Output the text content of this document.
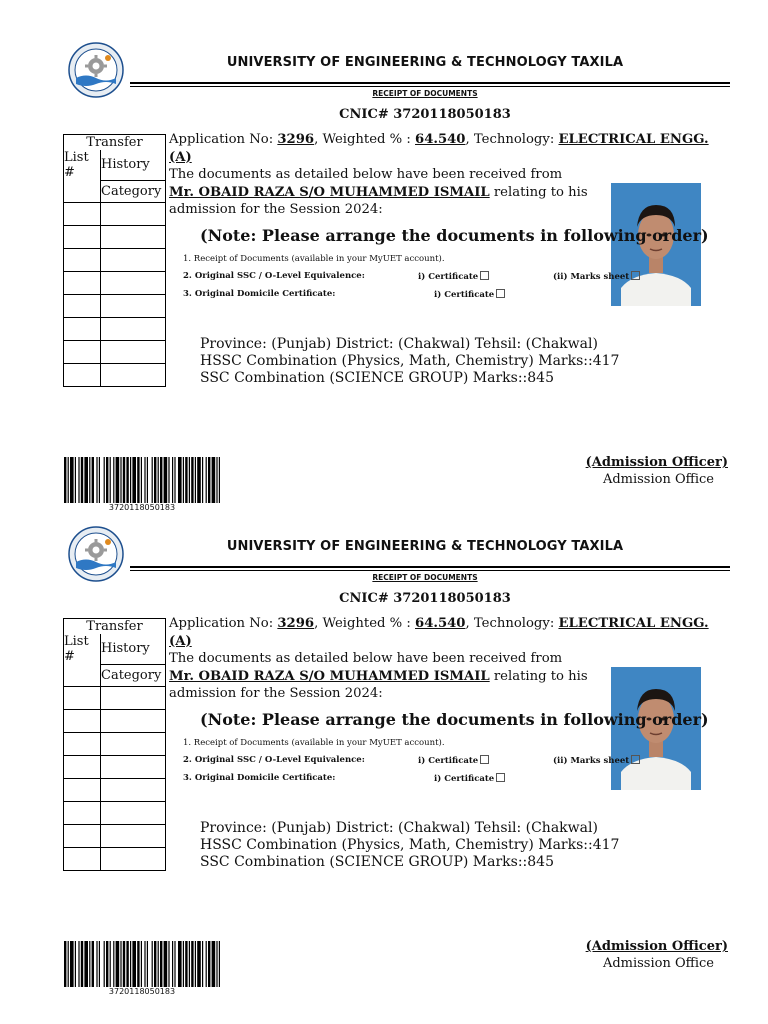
UNIVERSITY OF ENGINEERING & TECHNOLOGY TAXILA
RECEIPT OF DOCUMENTS
CNIC# 3720118050183
Transfer	
List #	History
	Category

Application No: 3296, Weighted % : 64.540, Technology: ELECTRICAL ENGG. (A)
The documents as detailed below have been received from
Mr. OBAID RAZA S/O MUHAMMED ISMAIL relating to his
admission for the Session 2024:
(Note: Please arrange the documents in following order)
1. Receipt of Documents (available in your MyUET account).
2. Original SSC / O-Level Equivalence:	i) Certificate	(ii) Marks sheet
3. Original Domicile Certificate:	i) Certificate
Province: (Punjab) District: (Chakwal) Tehsil: (Chakwal)
HSSC Combination (Physics, Math, Chemistry) Marks::417
SSC Combination (SCIENCE GROUP) Marks::845
3720118050183
(Admission Officer)
Admission Office
UNIVERSITY OF ENGINEERING & TECHNOLOGY TAXILA
RECEIPT OF DOCUMENTS
CNIC# 3720118050183
Transfer	
List #	History
	Category

Application No: 3296, Weighted % : 64.540, Technology: ELECTRICAL ENGG. (A)
The documents as detailed below have been received from
Mr. OBAID RAZA S/O MUHAMMED ISMAIL relating to his
admission for the Session 2024:
(Note: Please arrange the documents in following order)
1. Receipt of Documents (available in your MyUET account).
2. Original SSC / O-Level Equivalence:	i) Certificate	(ii) Marks sheet
3. Original Domicile Certificate:	i) Certificate
Province: (Punjab) District: (Chakwal) Tehsil: (Chakwal)
HSSC Combination (Physics, Math, Chemistry) Marks::417
SSC Combination (SCIENCE GROUP) Marks::845
3720118050183
(Admission Officer)
Admission Office
